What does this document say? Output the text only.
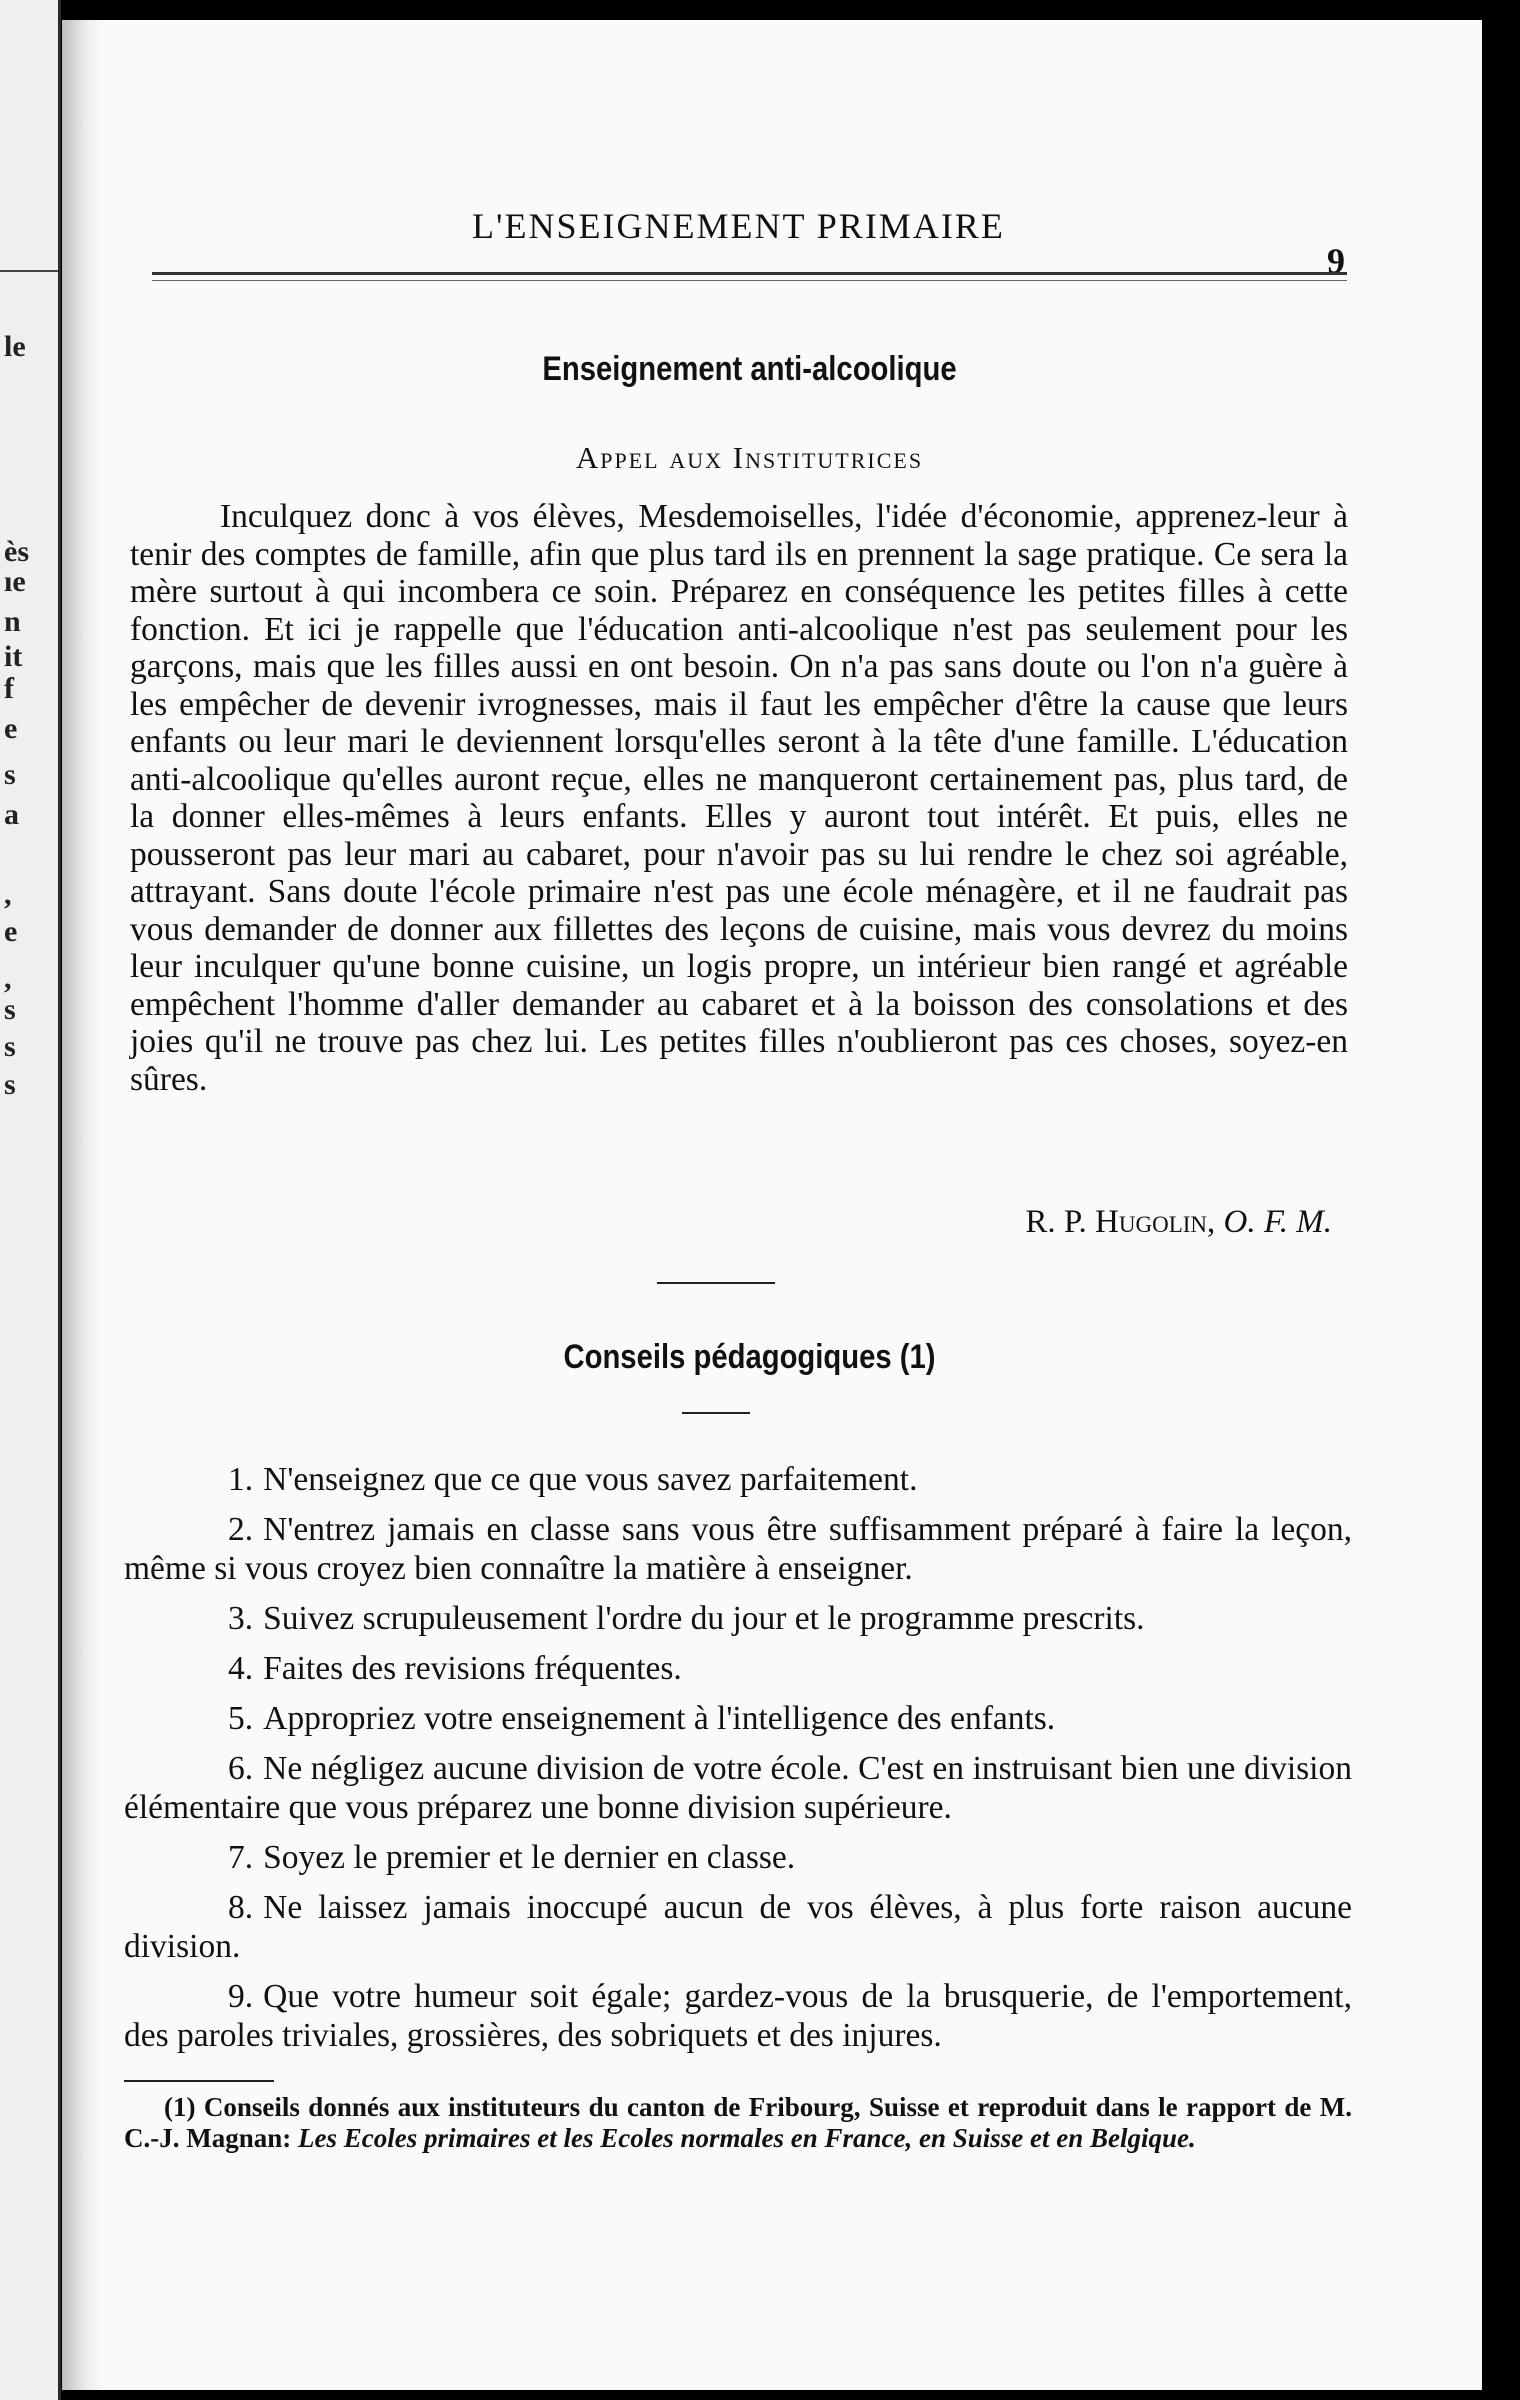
le
ès
ıe
n
it
f
e
s
a
,
e
,
s
s
s
L'ENSEIGNEMENT PRIMAIRE
9
Enseignement anti-alcoolique
Appel aux Institutrices

Inculquez donc à vos élèves, Mesdemoiselles, l'idée d'économie, apprenez-leur à tenir des comptes de famille, afin que plus tard ils en prennent la sage pratique. Ce sera la mère surtout à qui incombera ce soin. Préparez en conséquence les petites filles à cette fonction. Et ici je rappelle que l'éducation anti-alcoolique n'est pas seulement pour les garçons, mais que les filles aussi en ont besoin. On n'a pas sans doute ou l'on n'a guère à les empêcher de devenir ivrognesses, mais il faut les empêcher d'être la cause que leurs enfants ou leur mari le deviennent lorsqu'elles seront à la tête d'une famille. L'éducation anti-alcoolique qu'elles auront reçue, elles ne manqueront certainement pas, plus tard, de la donner elles-mêmes à leurs enfants. Elles y auront tout intérêt. Et puis, elles ne pousseront pas leur mari au cabaret, pour n'avoir pas su lui rendre le chez soi agréable, attrayant. Sans doute l'école primaire n'est pas une école ménagère, et il ne faudrait pas vous demander de donner aux fillettes des leçons de cuisine, mais vous devrez du moins leur inculquer qu'une bonne cuisine, un logis propre, un intérieur bien rangé et agréable empêchent l'homme d'aller demander au cabaret et à la boisson des consolations et des joies qu'il ne trouve pas chez lui. Les petites filles n'oublieront pas ces choses, soyez-en sûres.

R. P. Hugolin, O. F. M.
Conseils pédagogiques (1)

1. N'enseignez que ce que vous savez parfaitement.

2. N'entrez jamais en classe sans vous être suffisamment préparé à faire la leçon, même si vous croyez bien connaître la matière à enseigner.

3. Suivez scrupuleusement l'ordre du jour et le programme prescrits.

4. Faites des revisions fréquentes.

5. Appropriez votre enseignement à l'intelligence des enfants.

6. Ne négligez aucune division de votre école. C'est en instruisant bien une division élémentaire que vous préparez une bonne division supérieure.

7. Soyez le premier et le dernier en classe.

8. Ne laissez jamais inoccupé aucun de vos élèves, à plus forte raison aucune division.

9. Que votre humeur soit égale; gardez-vous de la brusquerie, de l'emportement, des paroles triviales, grossières, des sobriquets et des injures.

(1) Conseils donnés aux instituteurs du canton de Fribourg, Suisse et reproduit dans le rapport de M. C.-J. Magnan: Les Ecoles primaires et les Ecoles normales en France, en Suisse et en Belgique.
